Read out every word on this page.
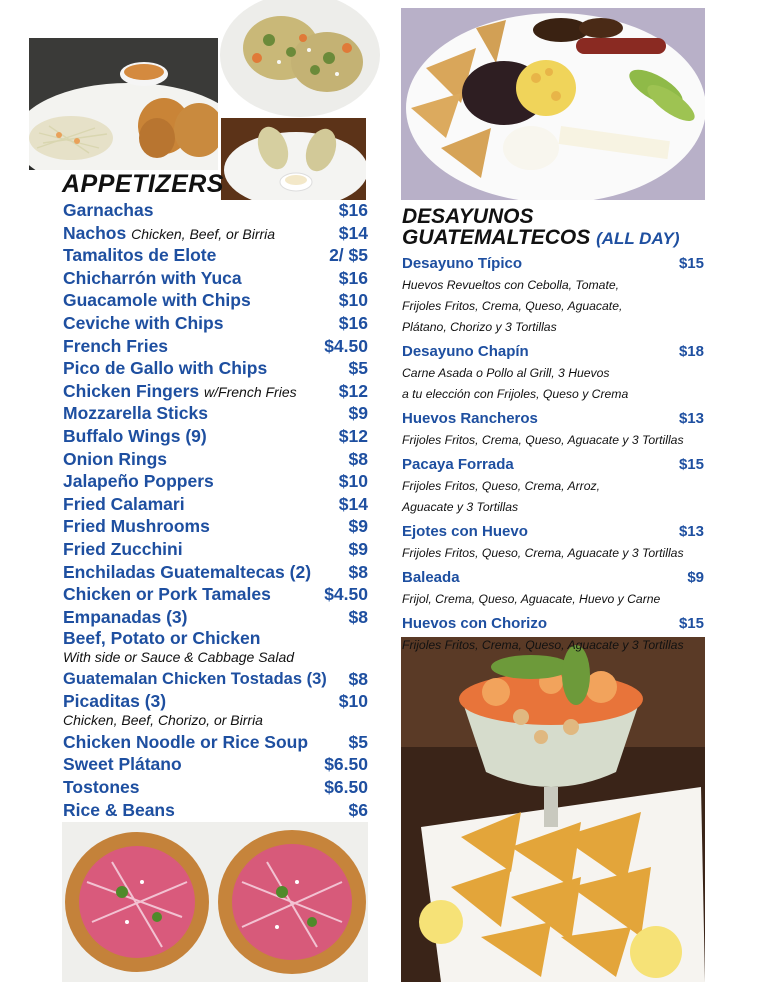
APPETIZERS
Garnachas	$16
Nachos Chicken, Beef, or Birria	$14
Tamalitos de Elote	2/ $5
Chicharrón with Yuca	$16
Guacamole with Chips	$10
Ceviche with Chips	$16
French Fries	$4.50
Pico de Gallo with Chips	$5
Chicken Fingers w/French Fries $12
Mozzarella Sticks	$9
Buffalo Wings (9)	$12
Onion Rings	$8
Jalapeño Poppers	$10
Fried Calamari	$14
Fried Mushrooms	$9
Fried Zucchini	$9
Enchiladas Guatemaltecas (2) $8
Chicken or Pork Tamales	$4.50
Empanadas (3)	$8
Beef, Potato or Chicken
With side or Sauce & Cabbage Salad
Guatemalan Chicken Tostadas (3) $8
Picaditas (3)	$10
Chicken, Beef, Chorizo, or Birria
Chicken Noodle or Rice Soup $5
Sweet Plátano	$6.50
Tostones	$6.50
Rice & Beans	$6
DESAYUNOS
GUATEMALTECOS (ALL DAY)
Desayuno Típico	$15
Huevos Revueltos con Cebolla, Tomate,
Frijoles Fritos, Crema, Queso, Aguacate,
Plátano, Chorizo y 3 Tortillas
Desayuno Chapín	$18
Carne Asada o Pollo al Grill, 3 Huevos
a tu elección con Frijoles, Queso y Crema
Huevos Rancheros	$13
Frijoles Fritos, Crema, Queso, Aguacate y 3 Tortillas
Pacaya Forrada	$15
Frijoles Fritos, Queso, Crema, Arroz,
Aguacate y 3 Tortillas
Ejotes con Huevo	$13
Frijoles Fritos, Queso, Crema, Aguacate y 3 Tortillas
Baleada	$9
Frijol, Crema, Queso, Aguacate, Huevo y Carne
Huevos con Chorizo	$15
Frijoles Fritos, Crema, Queso, Aguacate y 3 Tortillas
